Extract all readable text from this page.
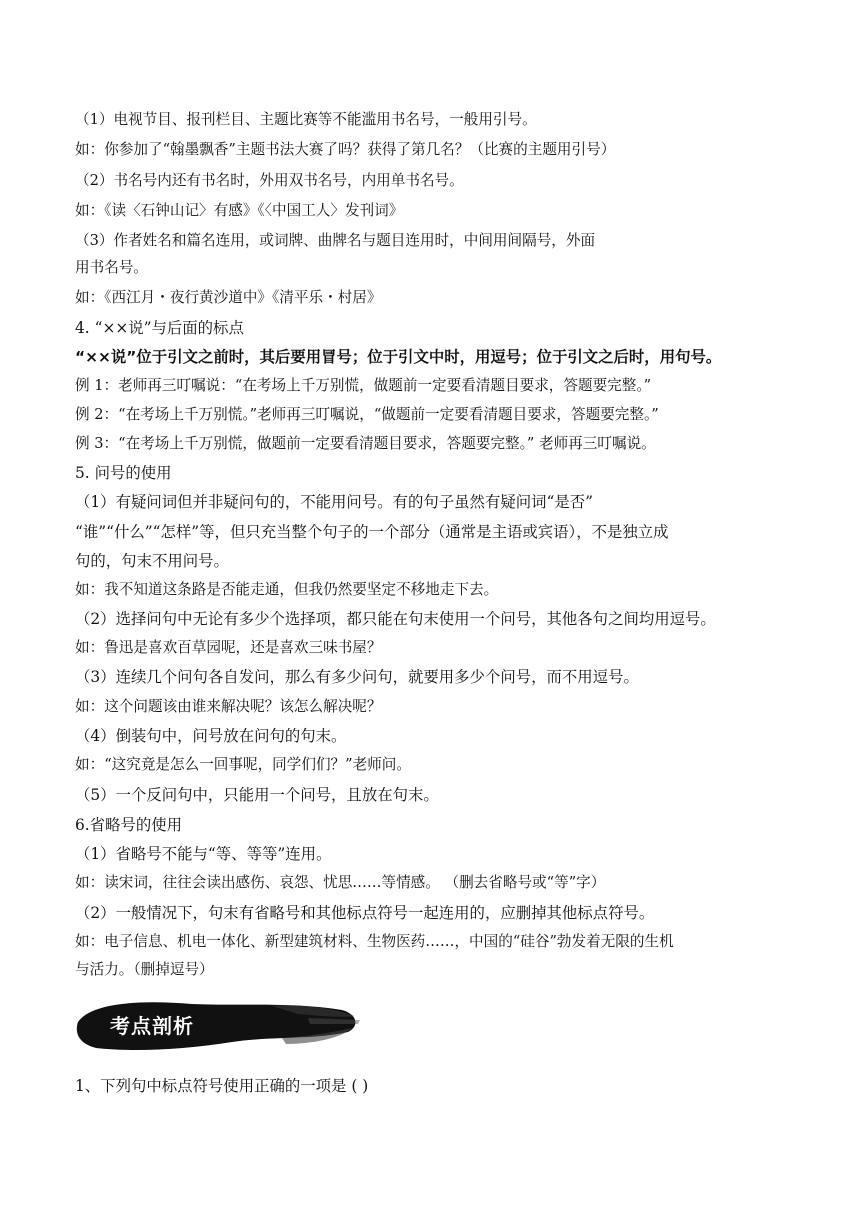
（1）电视节目、报刊栏目、主题比赛等不能滥用书名号，一般用引号。
如：你参加了“翰墨飘香”主题书法大赛了吗？获得了第几名？（比赛的主题用引号）
（2）书名号内还有书名时，外用双书名号，内用单书名号。
如：《读〈石钟山记〉有感》《〈中国工人〉发刊词》
（3）作者姓名和篇名连用，或词牌、曲牌名与题目连用时，中间用间隔号，外面
用书名号。
如：《西江月・夜行黄沙道中》《清平乐・村居》
4. “××说”与后面的标点
“××说”位于引文之前时，其后要用冒号；位于引文中时，用逗号；位于引文之后时，用句号。
例 1：老师再三叮嘱说：“在考场上千万别慌，做题前一定要看清题目要求，答题要完整。”
例 2：“在考场上千万别慌。”老师再三叮嘱说，“做题前一定要看清题目要求，答题要完整。”
例 3：“在考场上千万别慌，做题前一定要看清题目要求，答题要完整。” 老师再三叮嘱说。
5. 问号的使用
（1）有疑问词但并非疑问句的，不能用问号。有的句子虽然有疑问词“是否”
“谁”“什么”“怎样”等，但只充当整个句子的一个部分（通常是主语或宾语），不是独立成
句的，句末不用问号。
如：我不知道这条路是否能走通，但我仍然要坚定不移地走下去。
（2）选择问句中无论有多少个选择项，都只能在句末使用一个问号，其他各句之间均用逗号。
如：鲁迅是喜欢百草园呢，还是喜欢三味书屋？
（3）连续几个问句各自发问，那么有多少问句，就要用多少个问号，而不用逗号。
如：这个问题该由谁来解决呢？该怎么解决呢？
（4）倒装句中，问号放在问句的句末。
如：“这究竟是怎么一回事呢，同学们们？”老师问。
（5）一个反问句中，只能用一个问号，且放在句末。
6.省略号的使用
（1）省略号不能与“等、等等”连用。
如：读宋词，往往会读出感伤、哀怨、忧思……等情感。 （删去省略号或“等”字）
（2）一般情况下，句末有省略号和其他标点符号一起连用的，应删掉其他标点符号。
如：电子信息、机电一体化、新型建筑材料、生物医药……，中国的“硅谷”勃发着无限的生机
与活力。（删掉逗号）
考点剖析
1、下列句中标点符号使用正确的一项是 ( )
